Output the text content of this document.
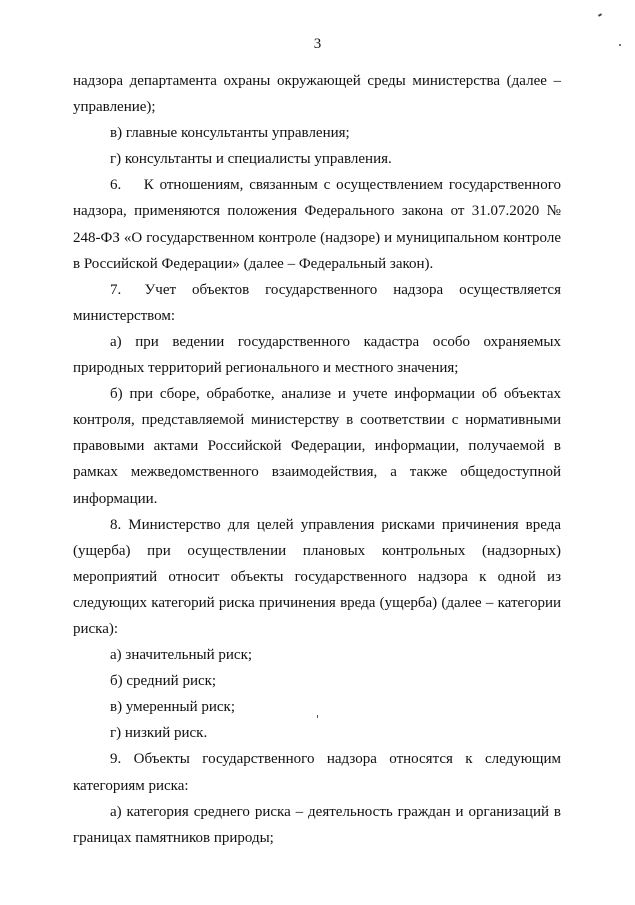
3

надзора департамента охраны окружающей среды министерства (далее – управление);

в) главные консультанты управления;

г) консультанты и специалисты управления.

6.  К отношениям, связанным с осуществлением государственного надзора, применяются положения Федерального закона от 31.07.2020 № 248-ФЗ «О государственном контроле (надзоре) и муниципальном контроле в Российской Федерации» (далее – Федеральный закон).

7.  Учет объектов государственного надзора осуществляется министерством:

а) при ведении государственного кадастра особо охраняемых природных территорий регионального и местного значения;

б) при сборе, обработке, анализе и учете информации об объектах контроля, представляемой министерству в соответствии с нормативными правовыми актами Российской Федерации, информации, получаемой в рамках межведомственного взаимодействия, а также общедоступной информации.

8. Министерство для целей управления рисками причинения вреда (ущерба) при осуществлении плановых контрольных (надзорных) мероприятий относит объекты государственного надзора к одной из следующих категорий риска причинения вреда (ущерба) (далее – категории риска):

а) значительный риск;

б) средний риск;

в) умеренный риск;

г) низкий риск.

9. Объекты государственного надзора относятся к следующим категориям риска:

а) категория среднего риска – деятельность граждан и организаций в границах памятников природы;
